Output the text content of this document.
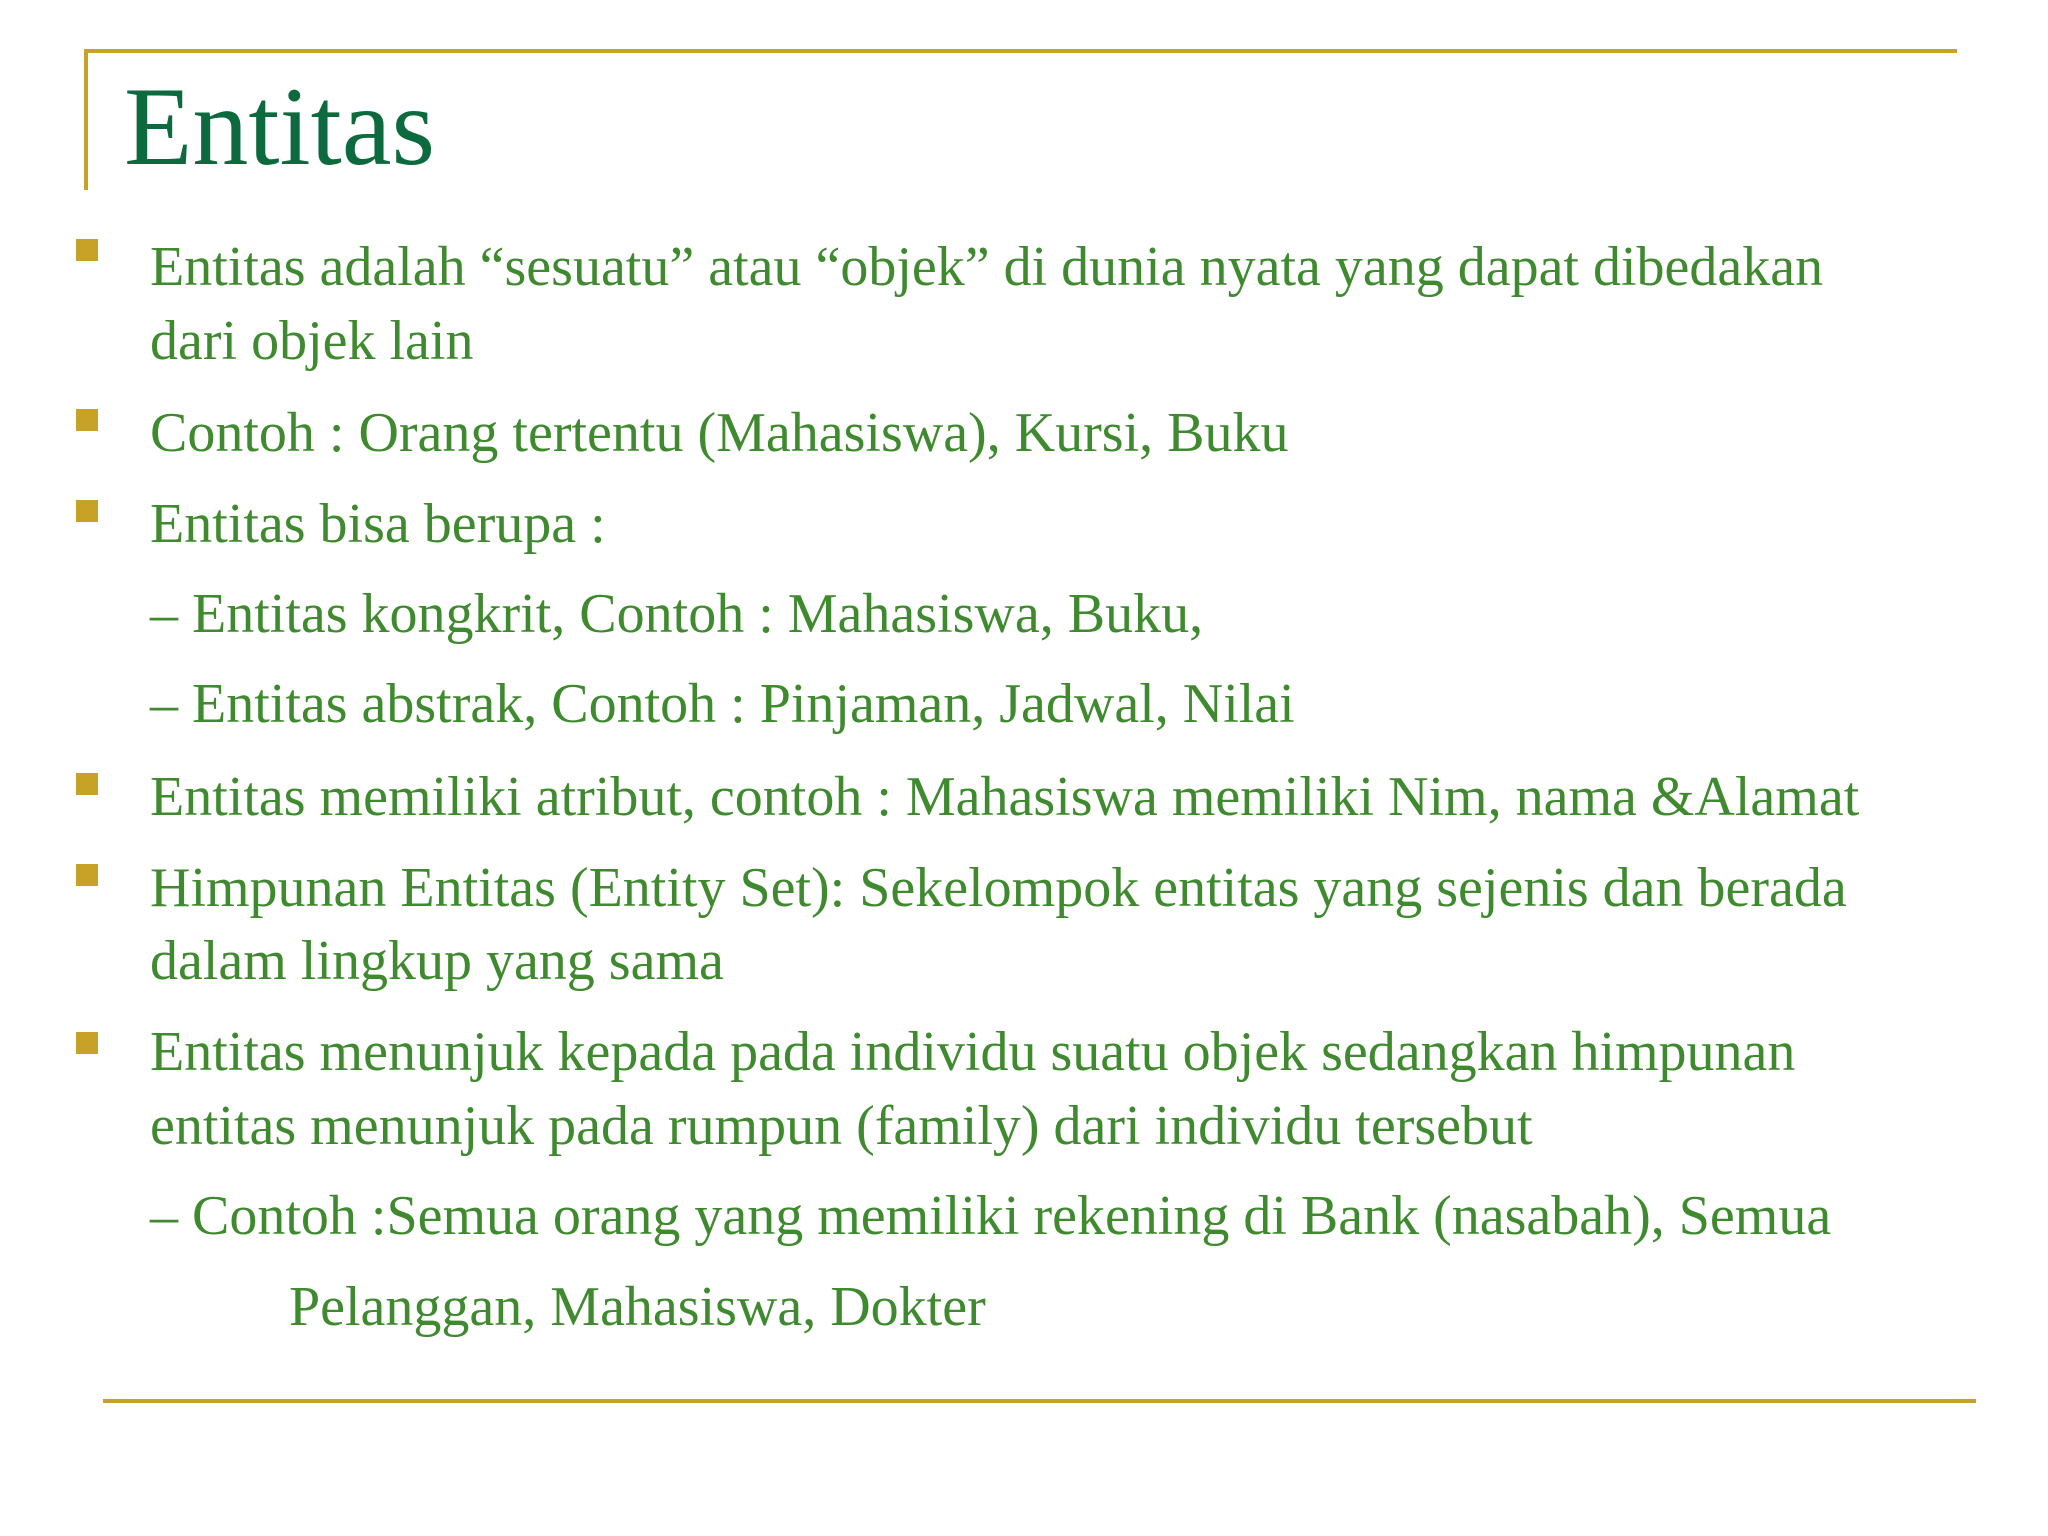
Entitas
Entitas adalah “sesuatu” atau “objek” di dunia nyata yang dapat dibedakan
dari objek lain
Contoh : Orang tertentu (Mahasiswa), Kursi, Buku
Entitas bisa berupa :
– Entitas kongkrit, Contoh : Mahasiswa, Buku,
– Entitas abstrak, Contoh : Pinjaman, Jadwal, Nilai
Entitas memiliki atribut, contoh : Mahasiswa memiliki Nim, nama &Alamat
Himpunan Entitas (Entity Set): Sekelompok entitas yang sejenis dan berada
dalam lingkup yang sama
Entitas menunjuk kepada pada individu suatu objek sedangkan himpunan
entitas menunjuk pada rumpun (family) dari individu tersebut
– Contoh :Semua orang yang memiliki rekening di Bank (nasabah), Semua
Pelanggan, Mahasiswa, Dokter
